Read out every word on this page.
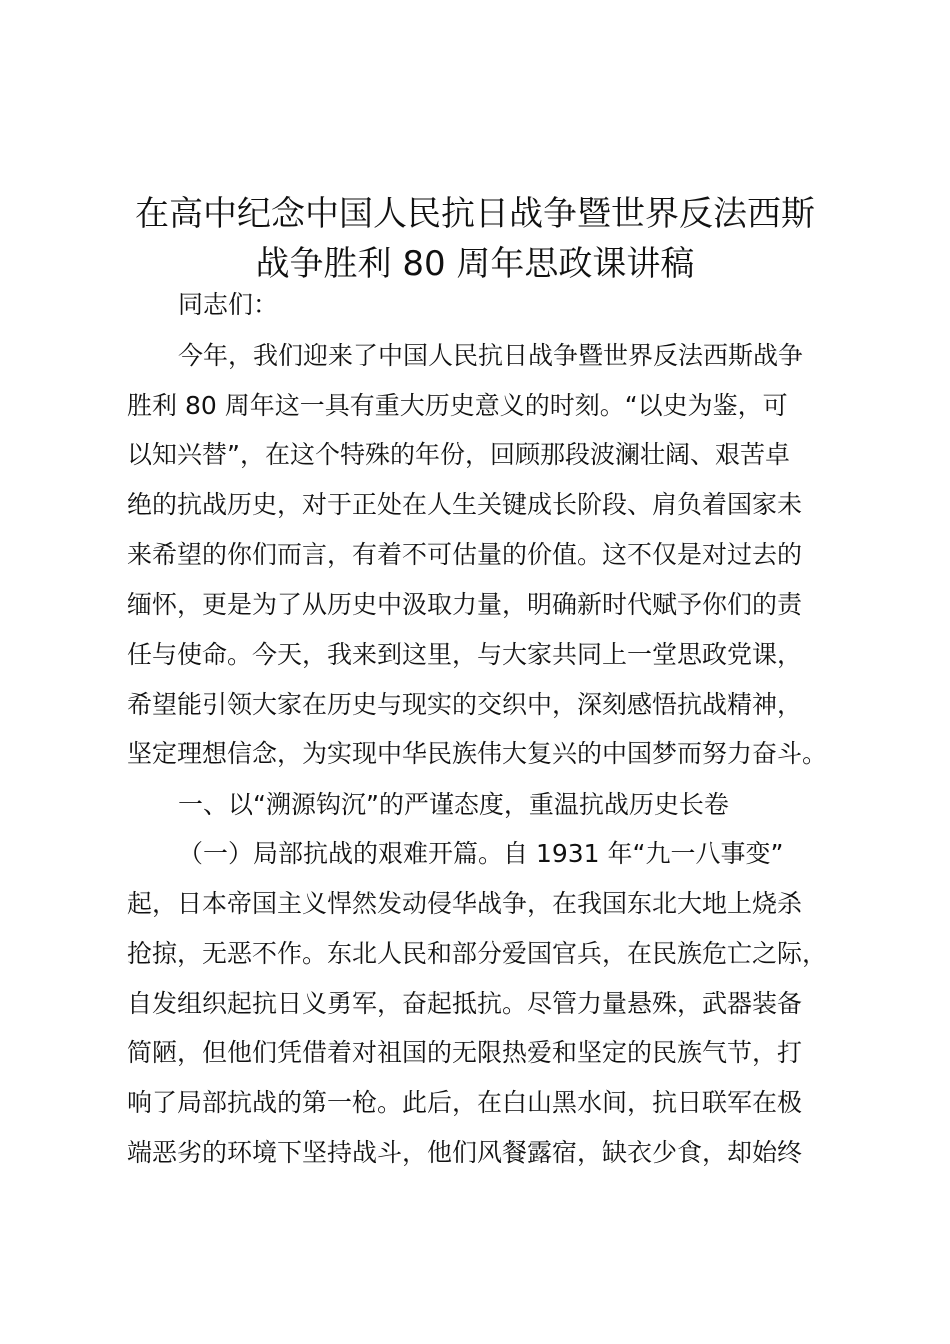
在高中纪念中国人民抗日战争暨世界反法西斯
战争胜利 80 周年思政课讲稿

同志们：

今年，我们迎来了中国人民抗日战争暨世界反法西斯战争

胜利 80 周年这一具有重大历史意义的时刻。“以史为鉴，可

以知兴替”，在这个特殊的年份，回顾那段波澜壮阔、艰苦卓

绝的抗战历史，对于正处在人生关键成长阶段、肩负着国家未

来希望的你们而言，有着不可估量的价值。这不仅是对过去的

缅怀，更是为了从历史中汲取力量，明确新时代赋予你们的责

任与使命。今天，我来到这里，与大家共同上一堂思政党课，

希望能引领大家在历史与现实的交织中，深刻感悟抗战精神，

坚定理想信念，为实现中华民族伟大复兴的中国梦而努力奋斗。

一、以“溯源钩沉”的严谨态度，重温抗战历史长卷

（一）局部抗战的艰难开篇。自 1931 年“九一八事变”

起，日本帝国主义悍然发动侵华战争，在我国东北大地上烧杀

抢掠，无恶不作。东北人民和部分爱国官兵，在民族危亡之际，

自发组织起抗日义勇军，奋起抵抗。尽管力量悬殊，武器装备

简陋，但他们凭借着对祖国的无限热爱和坚定的民族气节，打

响了局部抗战的第一枪。此后，在白山黑水间，抗日联军在极

端恶劣的环境下坚持战斗，他们风餐露宿，缺衣少食，却始终
